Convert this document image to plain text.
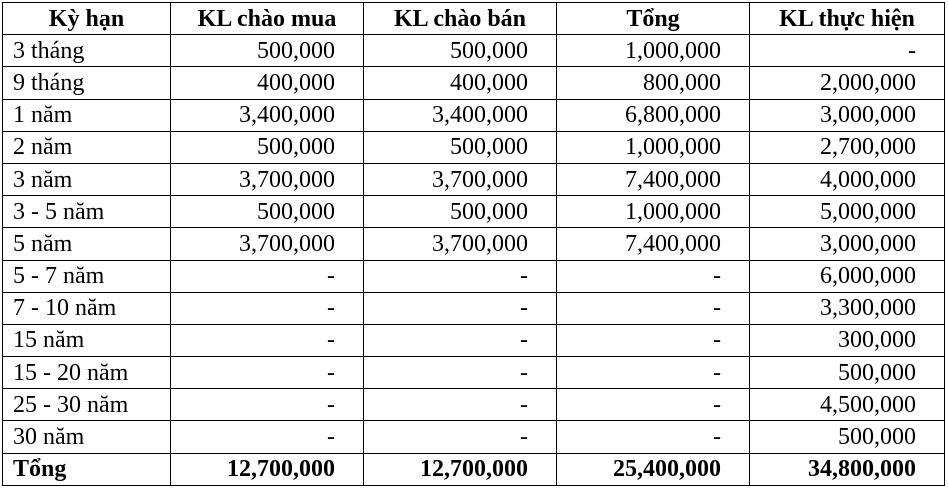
Kỳ hạn	KL chào mua	KL chào bán	Tổng	KL thực hiện
3 tháng	500,000	500,000	1,000,000	-
9 tháng	400,000	400,000	800,000	2,000,000
1 năm	3,400,000	3,400,000	6,800,000	3,000,000
2 năm	500,000	500,000	1,000,000	2,700,000
3 năm	3,700,000	3,700,000	7,400,000	4,000,000
3 - 5 năm	500,000	500,000	1,000,000	5,000,000
5 năm	3,700,000	3,700,000	7,400,000	3,000,000
5 - 7 năm	-	-	-	6,000,000
7 - 10 năm	-	-	-	3,300,000
15 năm	-	-	-	300,000
15 - 20 năm	-	-	-	500,000
25 - 30 năm	-	-	-	4,500,000
30 năm	-	-	-	500,000
Tổng	12,700,000	12,700,000	25,400,000	34,800,000
